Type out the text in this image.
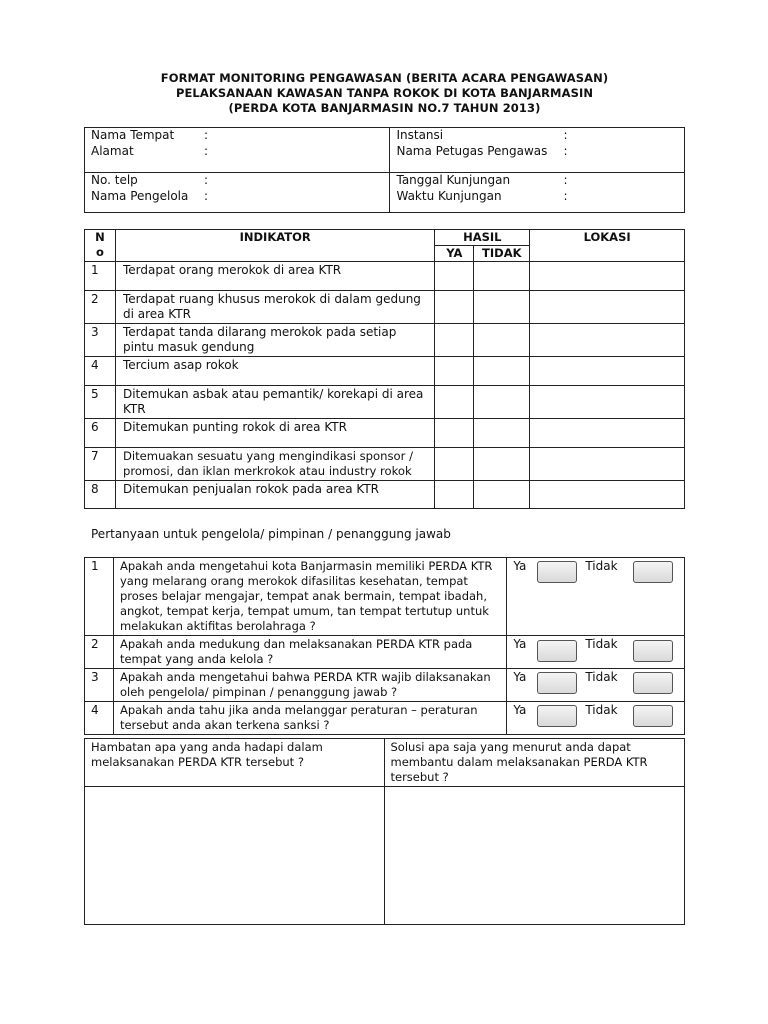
FORMAT MONITORING PENGAWASAN (BERITA ACARA PENGAWASAN)
PELAKSANAAN KAWASAN TANPA ROKOK DI KOTA BANJARMASIN
(PERDA KOTA BANJARMASIN NO.7 TAHUN 2013)
Nama Tempat :	Instansi :

Alamat :	Nama Petugas Pengawas :

No. telp :	Tanggal Kunjungan :

Nama Pengelola :	Waktu Kunjungan :
N o	INDIKATOR	HASIL		LOKASI
		YA	TIDAK	
1	Terdapat orang merokok di area KTR			
2	Terdapat ruang khusus merokok di dalam gedung di area KTR			
3	Terdapat tanda dilarang merokok pada setiap pintu masuk gendung			
4	Tercium asap rokok			
5	Ditemukan asbak atau pemantik/ korekapi di area KTR			
6	Ditemukan punting rokok di area KTR			
7	Ditemuakan sesuatu yang mengindikasi sponsor / promosi, dan iklan merkrokok atau industry rokok			
8	Ditemukan penjualan rokok pada area KTR			
Pertanyaan untuk pengelola/ pimpinan / penanggung jawab
1	Apakah anda mengetahui kota Banjarmasin memiliki PERDA KTR yang melarang orang merokok difasilitas kesehatan, tempat proses belajar mengajar, tempat anak bermain, tempat ibadah, angkot, tempat kerja, tempat umum, tan tempat tertutup untuk melakukan aktifitas berolahraga ?	Ya Tidak

2	Apakah anda medukung dan melaksanakan PERDA KTR pada tempat yang anda kelola ?	Ya Tidak

3	Apakah anda mengetahui bahwa PERDA KTR wajib dilaksanakan oleh pengelola/ pimpinan / penanggung jawab ?	Ya Tidak

4	Apakah anda tahu jika anda melanggar peraturan – peraturan tersebut anda akan terkena sanksi ?	Ya Tidak
Hambatan apa yang anda hadapi dalam melaksanakan PERDA KTR tersebut ?	Solusi apa saja yang menurut anda dapat membantu dalam melaksanakan PERDA KTR tersebut ?
